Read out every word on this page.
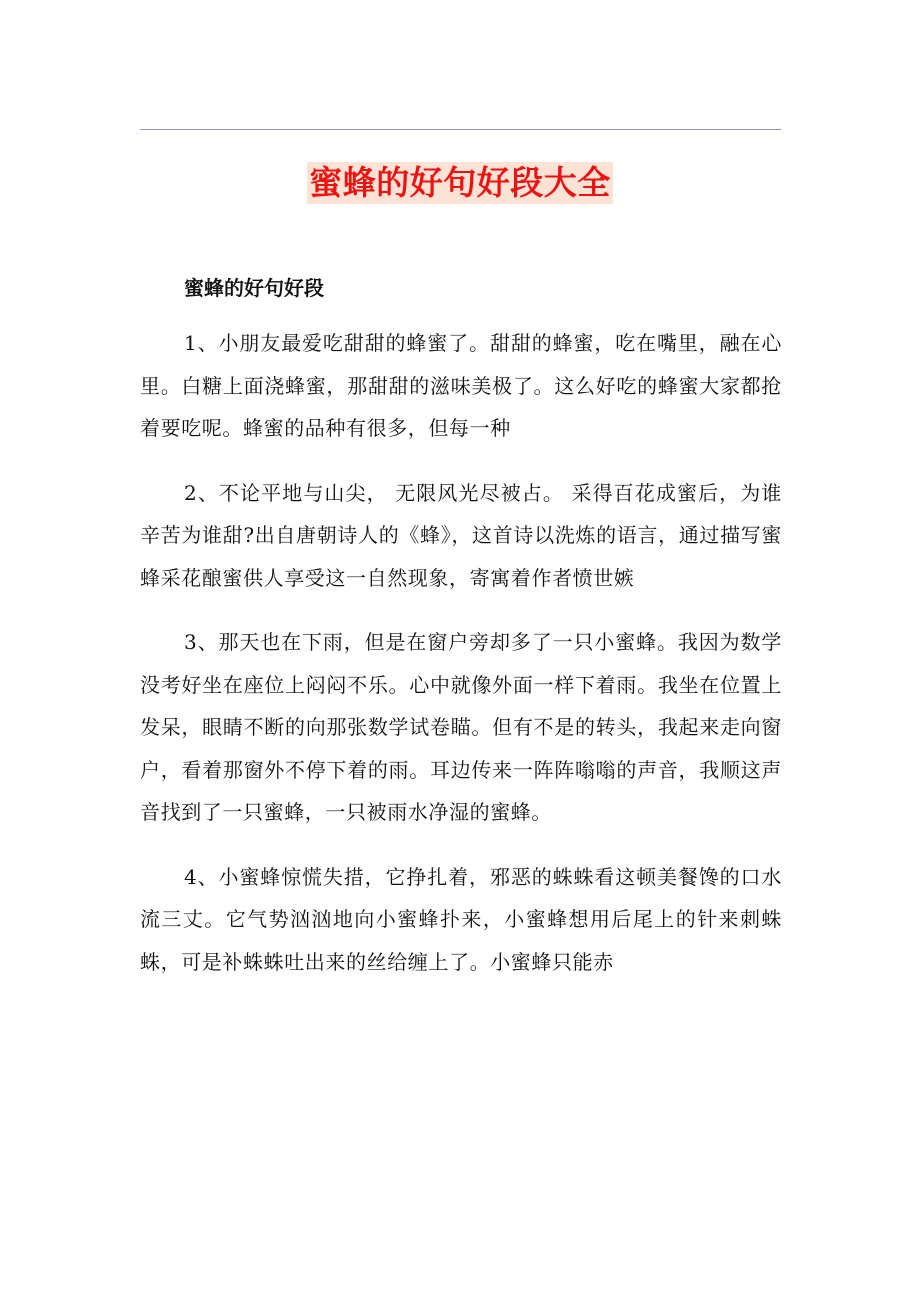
蜜蜂的好句好段大全

蜜蜂的好句好段

1、小朋友最爱吃甜甜的蜂蜜了。甜甜的蜂蜜，吃在嘴里，融在心里。白糖上面浇蜂蜜，那甜甜的滋味美极了。这么好吃的蜂蜜大家都抢着要吃呢。蜂蜜的品种有很多，但每一种

2、不论平地与山尖， 无限风光尽被占。 采得百花成蜜后，为谁辛苦为谁甜?出自唐朝诗人的《蜂》，这首诗以洗炼的语言，通过描写蜜蜂采花酿蜜供人享受这一自然现象，寄寓着作者愤世嫉

3、那天也在下雨，但是在窗户旁却多了一只小蜜蜂。我因为数学没考好坐在座位上闷闷不乐。心中就像外面一样下着雨。我坐在位置上发呆，眼睛不断的向那张数学试卷瞄。但有不是的转头，我起来走向窗户，看着那窗外不停下着的雨。耳边传来一阵阵嗡嗡的声音，我顺这声音找到了一只蜜蜂，一只被雨水净湿的蜜蜂。

4、小蜜蜂惊慌失措，它挣扎着，邪恶的蛛蛛看这顿美餐馋的口水流三丈。它气势汹汹地向小蜜蜂扑来，小蜜蜂想用后尾上的针来刺蛛蛛，可是补蛛蛛吐出来的丝给缠上了。小蜜蜂只能赤
